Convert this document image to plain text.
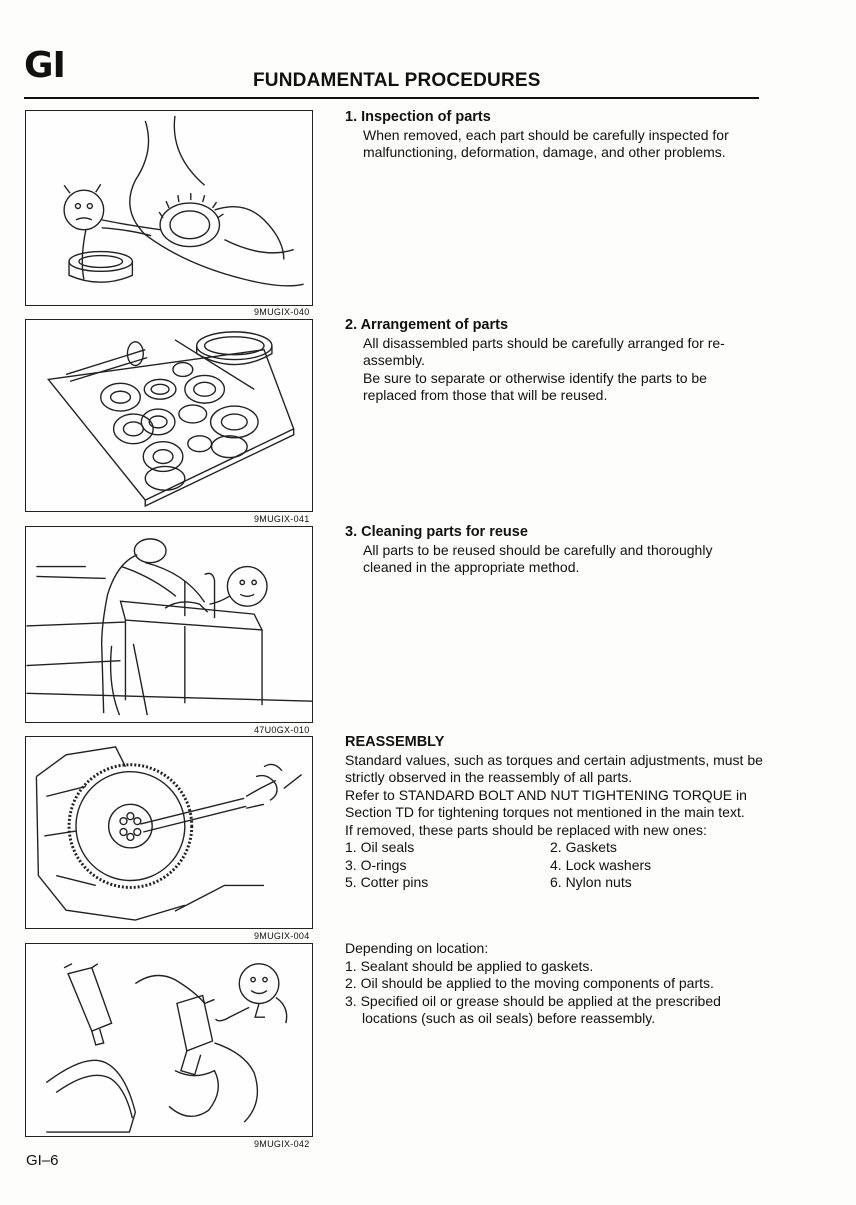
GI	FUNDAMENTAL PROCEDURES
9MUGIX-040
9MUGIX-041
47U0GX-010
9MUGIX-004
9MUGIX-042
1. Inspection of parts
When removed, each part should be carefully inspected for malfunctioning, deformation, damage, and other problems.
2. Arrangement of parts
All disassembled parts should be carefully arranged for re-assembly.
Be sure to separate or otherwise identify the parts to be replaced from those that will be reused.
3. Cleaning parts for reuse
All parts to be reused should be carefully and thoroughly cleaned in the appropriate method.
REASSEMBLY
Standard values, such as torques and certain adjustments, must be strictly observed in the reassembly of all parts.
Refer to STANDARD BOLT AND NUT TIGHTENING TORQUE in Section TD for tightening torques not mentioned in the main text.
If removed, these parts should be replaced with new ones:
1. Oil seals	2. Gaskets
3. O-rings	4. Lock washers
5. Cotter pins	6. Nylon nuts
Depending on location:
1. Sealant should be applied to gaskets.
2. Oil should be applied to the moving components of parts.
3. Specified oil or grease should be applied at the prescribed locations (such as oil seals) before reassembly.
GI–6
